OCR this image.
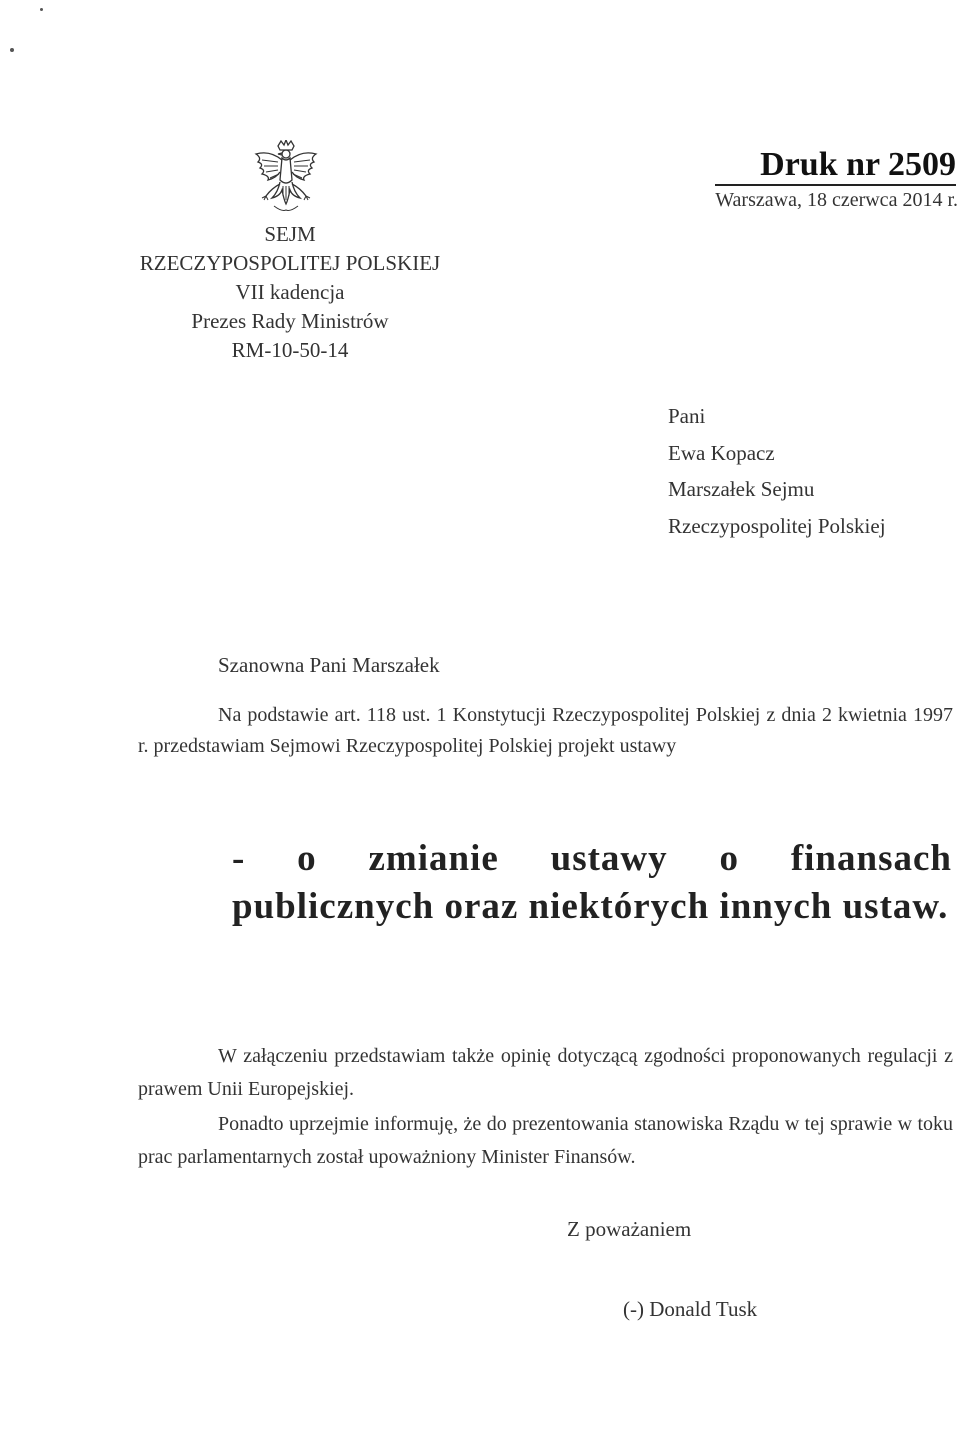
SEJM
RZECZYPOSPOLITEJ POLSKIEJ
VII kadencja
Prezes Rady Ministrów
RM-10-50-14
Druk nr 2509
Warszawa, 18 czerwca 2014 r.
Pani
Ewa Kopacz
Marszałek Sejmu
Rzeczypospolitej Polskiej
Szanowna Pani Marszałek
Na podstawie art. 118 ust. 1 Konstytucji Rzeczypospolitej Polskiej z dnia 2 kwietnia 1997 r. przedstawiam Sejmowi Rzeczypospolitej Polskiej projekt ustawy
- o zmianie ustawy o finansach publicznych oraz niektórych innych ustaw.
W załączeniu przedstawiam także opinię dotyczącą zgodności proponowanych regulacji z prawem Unii Europejskiej.
Ponadto uprzejmie informuję, że do prezentowania stanowiska Rządu w tej sprawie w toku prac parlamentarnych został upoważniony Minister Finansów.
Z poważaniem
(-) Donald Tusk
